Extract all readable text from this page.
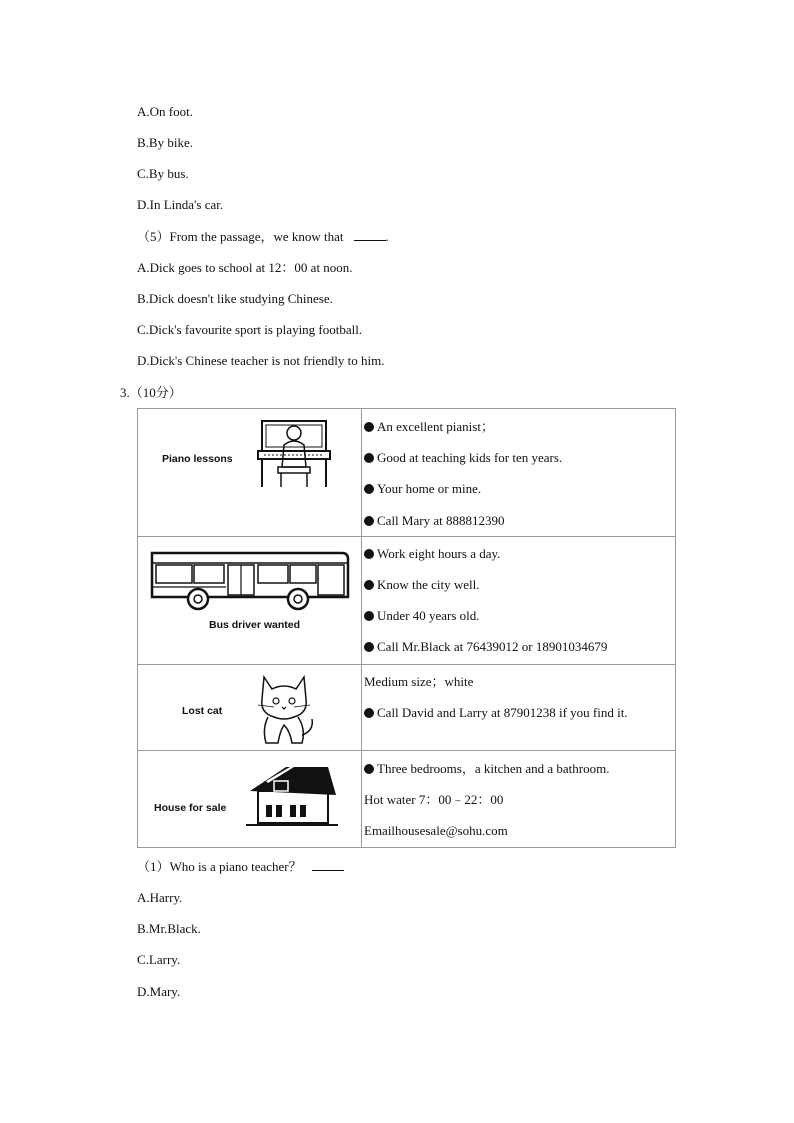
A.On foot.
B.By bike.
C.By bus.
D.In Linda's car.
（5）From the passage，we know that	.
A.Dick goes to school at 12：00 at noon.
B.Dick doesn't like studying Chinese.
C.Dick's favourite sport is playing football.
D.Dick's Chinese teacher is not friendly to him.
3.（10分）
Piano lessons	An excellent pianist；
Good at teaching kids for ten years.
Your home or mine.
Call Mary at 888812390

Bus driver wanted	Work eight hours a day.
Know the city well.
Under 40 years old.
Call Mr.Black at 76439012 or 18901034679

Lost cat	Medium size；white
Call David and Larry at 87901238 if you find it.

House for sale	Three bedrooms，a kitchen and a bathroom.
Hot water 7：00﹣22：00
Emailhousesale@sohu.com
（1）Who is a piano teacher？
A.Harry.
B.Mr.Black.
C.Larry.
D.Mary.
